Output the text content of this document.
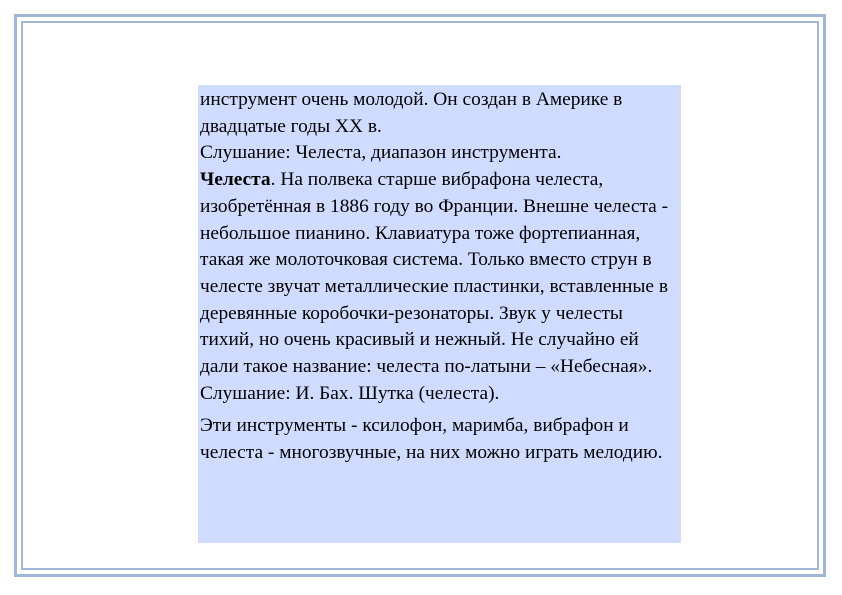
инструмент очень молодой. Он создан в Америке в двадцатые годы XX в.

Слушание: Челеста, диапазон инструмента.

Челеста. На полвека старше вибрафона челеста, изобретённая в 1886 году во Франции. Внешне челеста - небольшое пианино. Клавиатура тоже фортепианная, такая же молоточковая система. Только вместо струн в челесте звучат металлические пластинки, вставленные в деревянные коробочки-резонаторы. Звук у челесты тихий, но очень красивый и нежный. Не случайно ей дали такое название: челеста по-латыни – «Небесная».

Слушание: И. Бах. Шутка (челеста).

Эти инструменты - ксилофон, маримба, вибрафон и челеста - многозвучные, на них можно играть мелодию.
